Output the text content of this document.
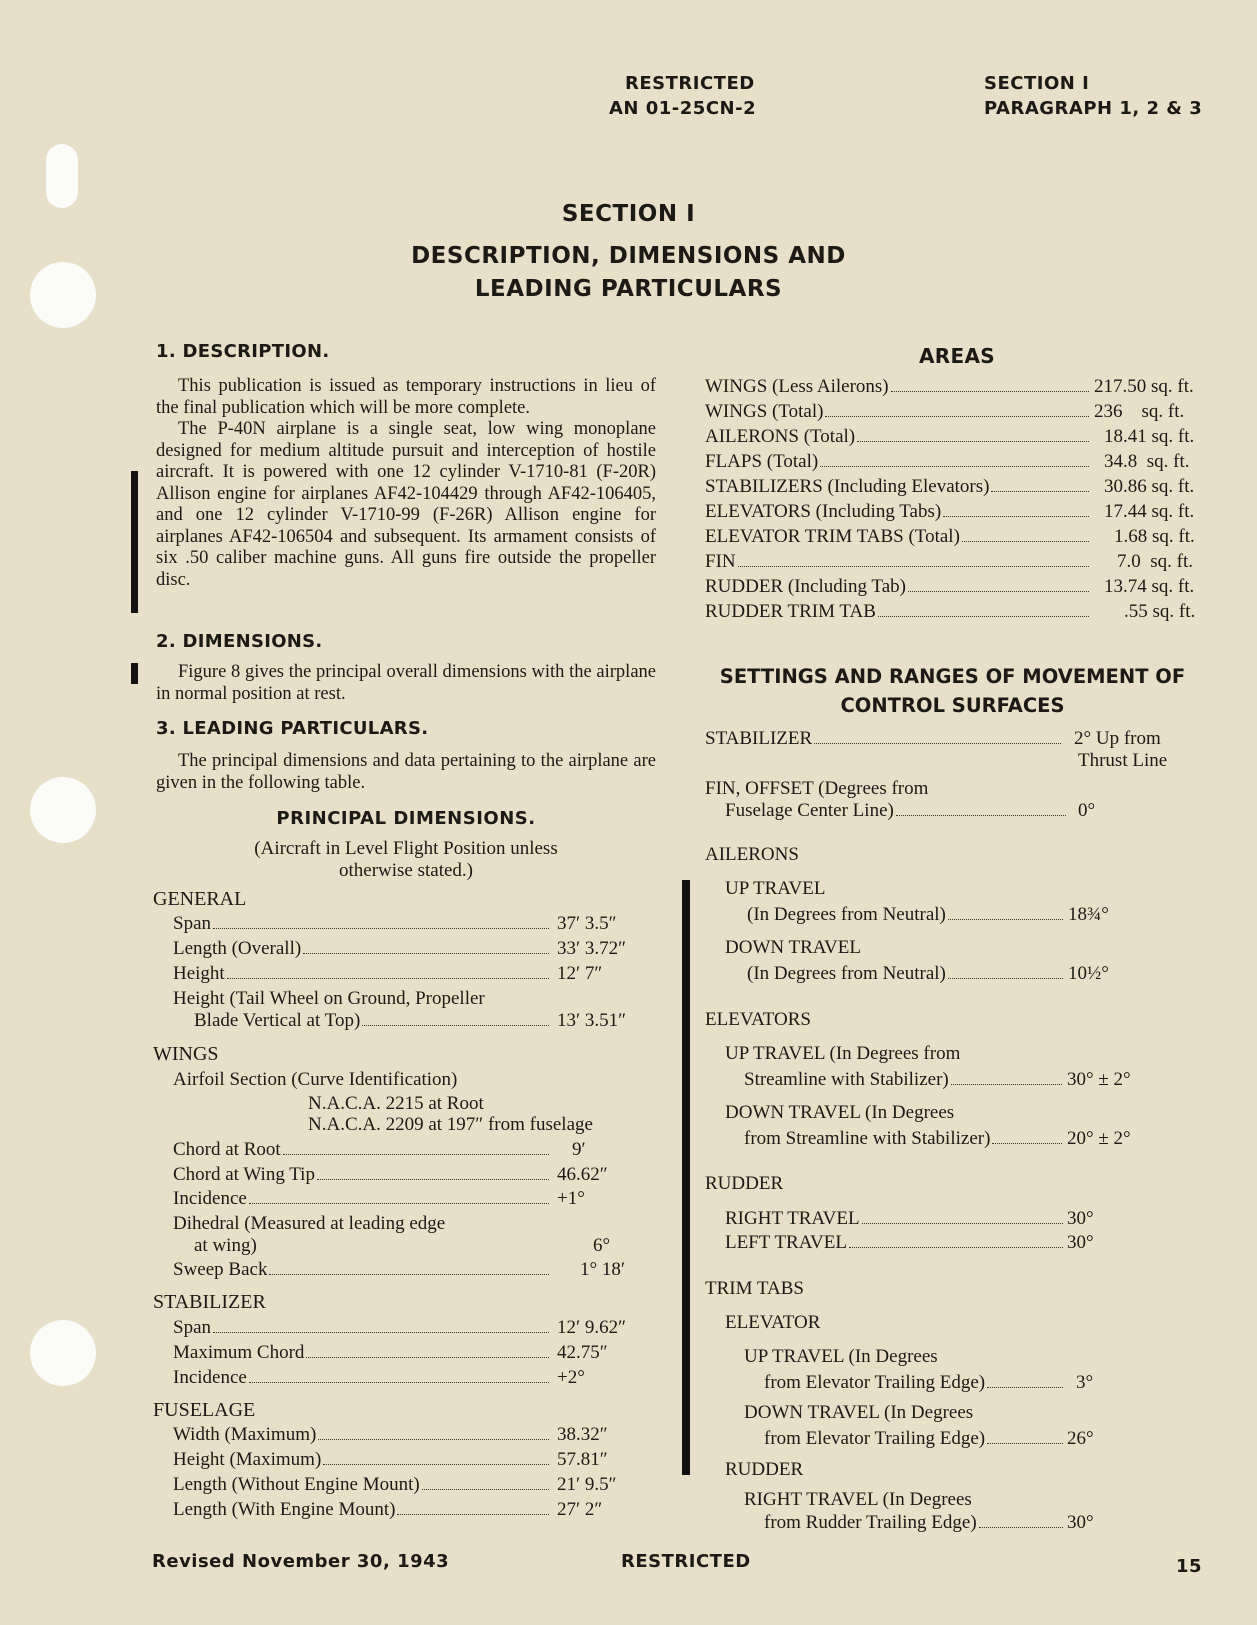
RESTRICTED
AN 01-25CN-2
SECTION I
PARAGRAPH 1, 2 & 3
SECTION I
DESCRIPTION, DIMENSIONS AND
LEADING PARTICULARS
1. DESCRIPTION.

This publication is issued as temporary instructions in lieu of the final publication which will be more complete.

The P-40N airplane is a single seat, low wing monoplane designed for medium altitude pursuit and interception of hostile aircraft. It is powered with one 12 cylinder V-1710-81 (F-20R) Allison engine for airplanes AF42-104429 through AF42-106405, and one 12 cylinder V-1710-99 (F-26R) Allison engine for airplanes AF42-106504 and subsequent. Its armament consists of six .50 caliber machine guns. All guns fire outside the propeller disc.

2. DIMENSIONS.
Figure 8 gives the principal overall dimensions with the airplane in normal position at rest.
3. LEADING PARTICULARS.
The principal dimensions and data pertaining to the airplane are given in the following table.
PRINCIPAL DIMENSIONS.
(Aircraft in Level Flight Position unless
otherwise stated.)
GENERAL
Span	37′ 3.5″
Length (Overall)	33′ 3.72″
Height	12′ 7″
Height (Tail Wheel on Ground, Propeller
Blade Vertical at Top)	13′ 3.51″
WINGS
Airfoil Section (Curve Identification)
N.A.C.A. 2215 at Root
N.A.C.A. 2209 at 197″ from fuselage
Chord at Root	9′
Chord at Wing Tip	46.62″
Incidence	+1°
Dihedral (Measured at leading edge
at wing)	6°
Sweep Back	1° 18′
STABILIZER
Span	12′ 9.62″
Maximum Chord	42.75″
Incidence	+2°
FUSELAGE
Width (Maximum)	38.32″
Height (Maximum)	57.81″
Length (Without Engine Mount)	21′ 9.5″
Length (With Engine Mount)	27′ 2″
AREAS
WINGS (Less Ailerons)	217.50 sq. ft.
WINGS (Total)	236    sq. ft.
AILERONS (Total)	18.41 sq. ft.
FLAPS (Total)	34.8  sq. ft.
STABILIZERS (Including Elevators)	30.86 sq. ft.
ELEVATORS (Including Tabs)	17.44 sq. ft.
ELEVATOR TRIM TABS (Total)	1.68 sq. ft.
FIN	7.0  sq. ft.
RUDDER (Including Tab)	13.74 sq. ft.
RUDDER TRIM TAB	.55 sq. ft.
SETTINGS AND RANGES OF MOVEMENT OF
CONTROL SURFACES
STABILIZER	2° Up from
Thrust Line
FIN, OFFSET (Degrees from
Fuselage Center Line)	0°
AILERONS
UP TRAVEL
(In Degrees from Neutral)	18¾°
DOWN TRAVEL
(In Degrees from Neutral)	10½°
ELEVATORS
UP TRAVEL (In Degrees from
Streamline with Stabilizer)	30° ± 2°
DOWN TRAVEL (In Degrees
from Streamline with Stabilizer)	20° ± 2°
RUDDER
RIGHT TRAVEL	30°
LEFT TRAVEL	30°
TRIM TABS
ELEVATOR
UP TRAVEL (In Degrees
from Elevator Trailing Edge)	3°
DOWN TRAVEL (In Degrees
from Elevator Trailing Edge)	26°
RUDDER
RIGHT TRAVEL (In Degrees
from Rudder Trailing Edge)	30°
Revised November 30, 1943	RESTRICTED	15
